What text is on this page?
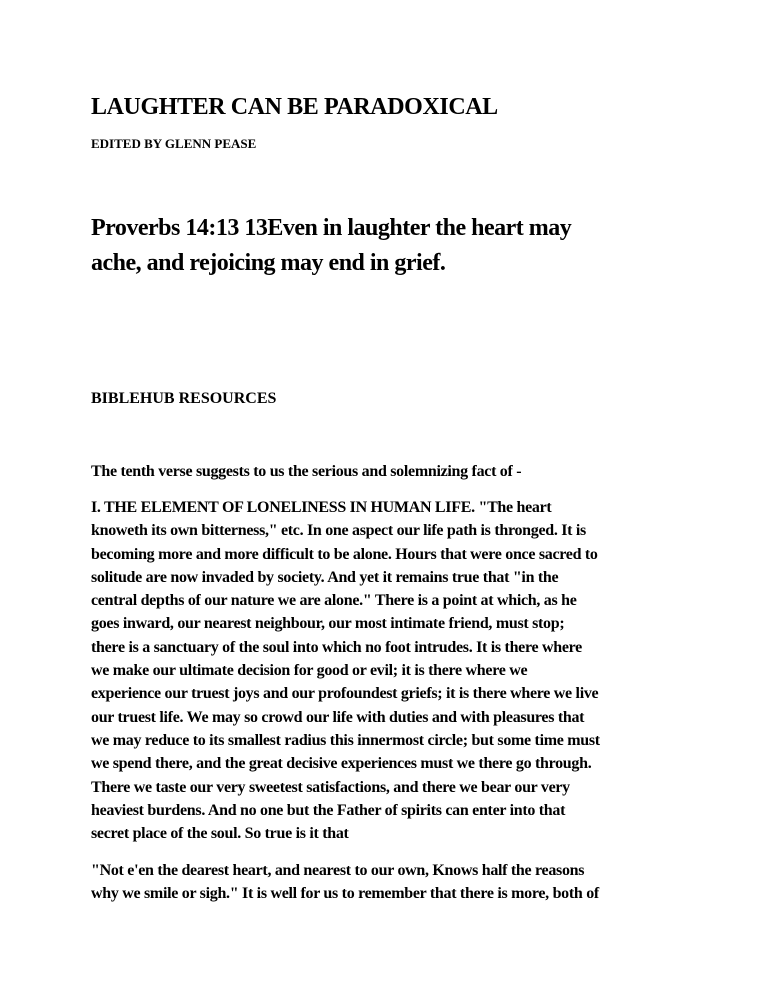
LAUGHTER CAN BE PARADOXICAL

EDITED BY GLENN PEASE

Proverbs 14:13 13Even in laughter the heart may
ache, and rejoicing may end in grief.

BIBLEHUB RESOURCES

The tenth verse suggests to us the serious and solemnizing fact of -

I. THE ELEMENT OF LONELINESS IN HUMAN LIFE. "The heart
knoweth its own bitterness," etc. In one aspect our life path is thronged. It is
becoming more and more difficult to be alone. Hours that were once sacred to
solitude are now invaded by society. And yet it remains true that "in the
central depths of our nature we are alone." There is a point at which, as he
goes inward, our nearest neighbour, our most intimate friend, must stop;
there is a sanctuary of the soul into which no foot intrudes. It is there where
we make our ultimate decision for good or evil; it is there where we
experience our truest joys and our profoundest griefs; it is there where we live
our truest life. We may so crowd our life with duties and with pleasures that
we may reduce to its smallest radius this innermost circle; but some time must
we spend there, and the great decisive experiences must we there go through.
There we taste our very sweetest satisfactions, and there we bear our very
heaviest burdens. And no one but the Father of spirits can enter into that
secret place of the soul. So true is it that

"Not e'en the dearest heart, and nearest to our own, Knows half the reasons
why we smile or sigh." It is well for us to remember that there is more, both of
